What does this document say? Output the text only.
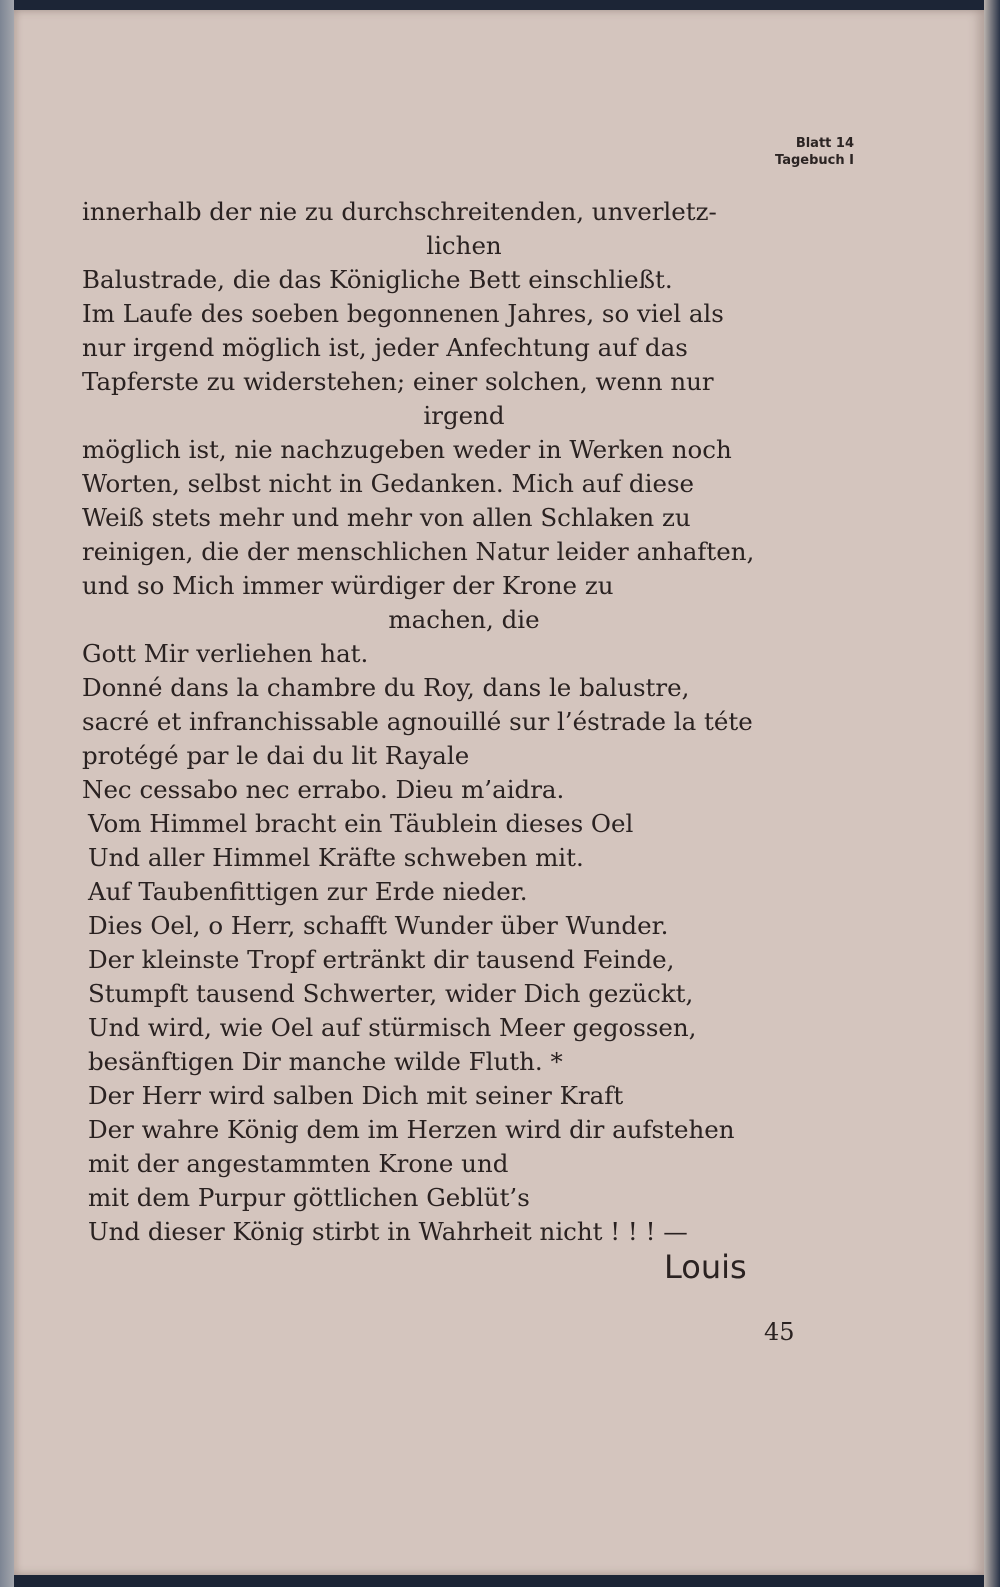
Blatt 14
Tagebuch I
innerhalb der nie zu durchschreitenden, unverletz-
lichen
Balustrade, die das Königliche Bett einschließt.
Im Laufe des soeben begonnenen Jahres, so viel als
nur irgend möglich ist, jeder Anfechtung auf das
Tapferste zu widerstehen; einer solchen, wenn nur
irgend
möglich ist, nie nachzugeben weder in Werken noch
Worten, selbst nicht in Gedanken. Mich auf diese
Weiß stets mehr und mehr von allen Schlaken zu
reinigen, die der menschlichen Natur leider anhaften,
und so Mich immer würdiger der Krone zu
machen, die
Gott Mir verliehen hat.
Donné dans la chambre du Roy, dans le balustre,
sacré et infranchissable agnouillé sur l’éstrade la téte
protégé par le dai du lit Rayale
Nec cessabo nec errabo. Dieu m’aidra.
Vom Himmel bracht ein Täublein dieses Oel
Und aller Himmel Kräfte schweben mit.
Auf Taubenfittigen zur Erde nieder.
Dies Oel, o Herr, schafft Wunder über Wunder.
Der kleinste Tropf ertränkt dir tausend Feinde,
Stumpft tausend Schwerter, wider Dich gezückt,
Und wird, wie Oel auf stürmisch Meer gegossen,
besänftigen Dir manche wilde Fluth. *
Der Herr wird salben Dich mit seiner Kraft
Der wahre König dem im Herzen wird dir aufstehen
mit der angestammten Krone und
mit dem Purpur göttlichen Geblüt’s
Und dieser König stirbt in Wahrheit nicht ! ! ! —
Louis
45
